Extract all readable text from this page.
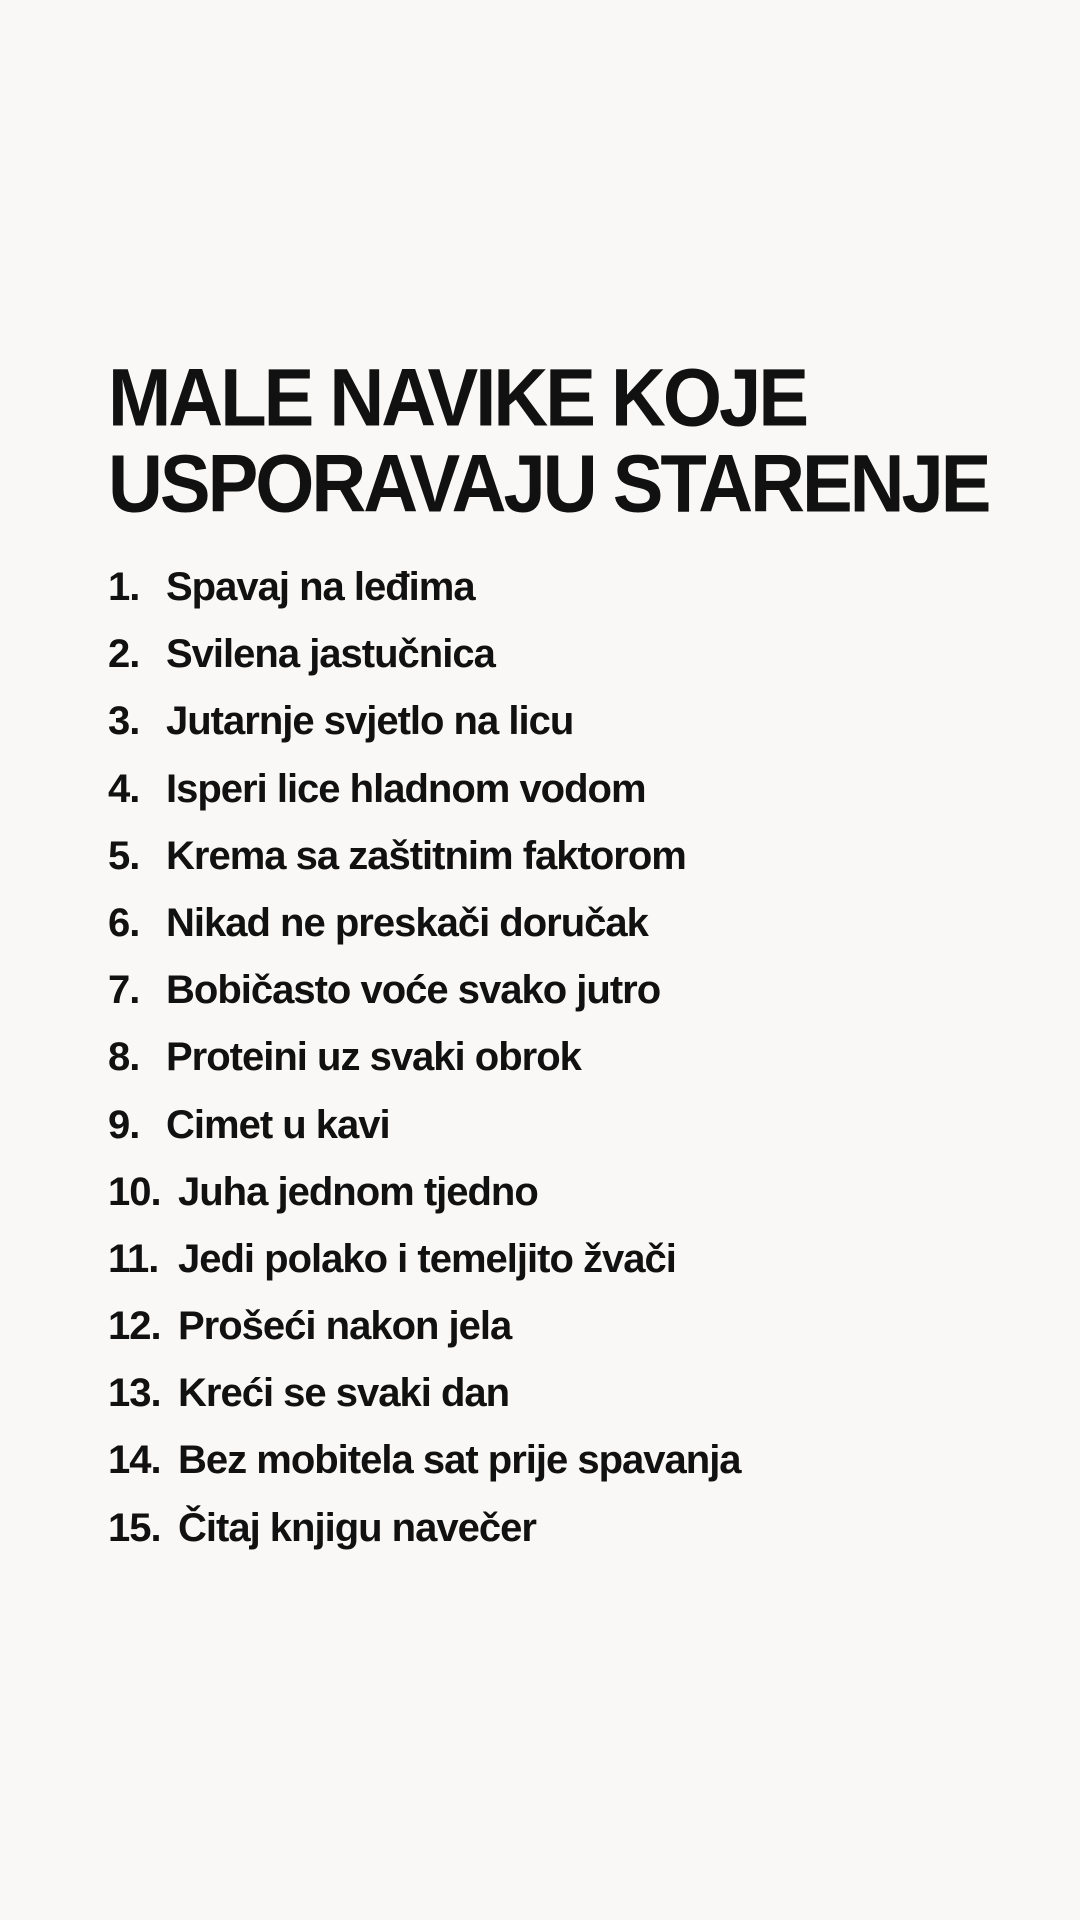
MALE NAVIKE KOJE
USPORAVAJU STARENJE
1. Spavaj na leđima
2. Svilena jastučnica
3. Jutarnje svjetlo na licu
4. Isperi lice hladnom vodom
5. Krema sa zaštitnim faktorom
6. Nikad ne preskači doručak
7. Bobičasto voće svako jutro
8. Proteini uz svaki obrok
9. Cimet u kavi
10. Juha jednom tjedno
11. Jedi polako i temeljito žvači
12. Prošeći nakon jela
13. Kreći se svaki dan
14. Bez mobitela sat prije spavanja
15. Čitaj knjigu navečer
